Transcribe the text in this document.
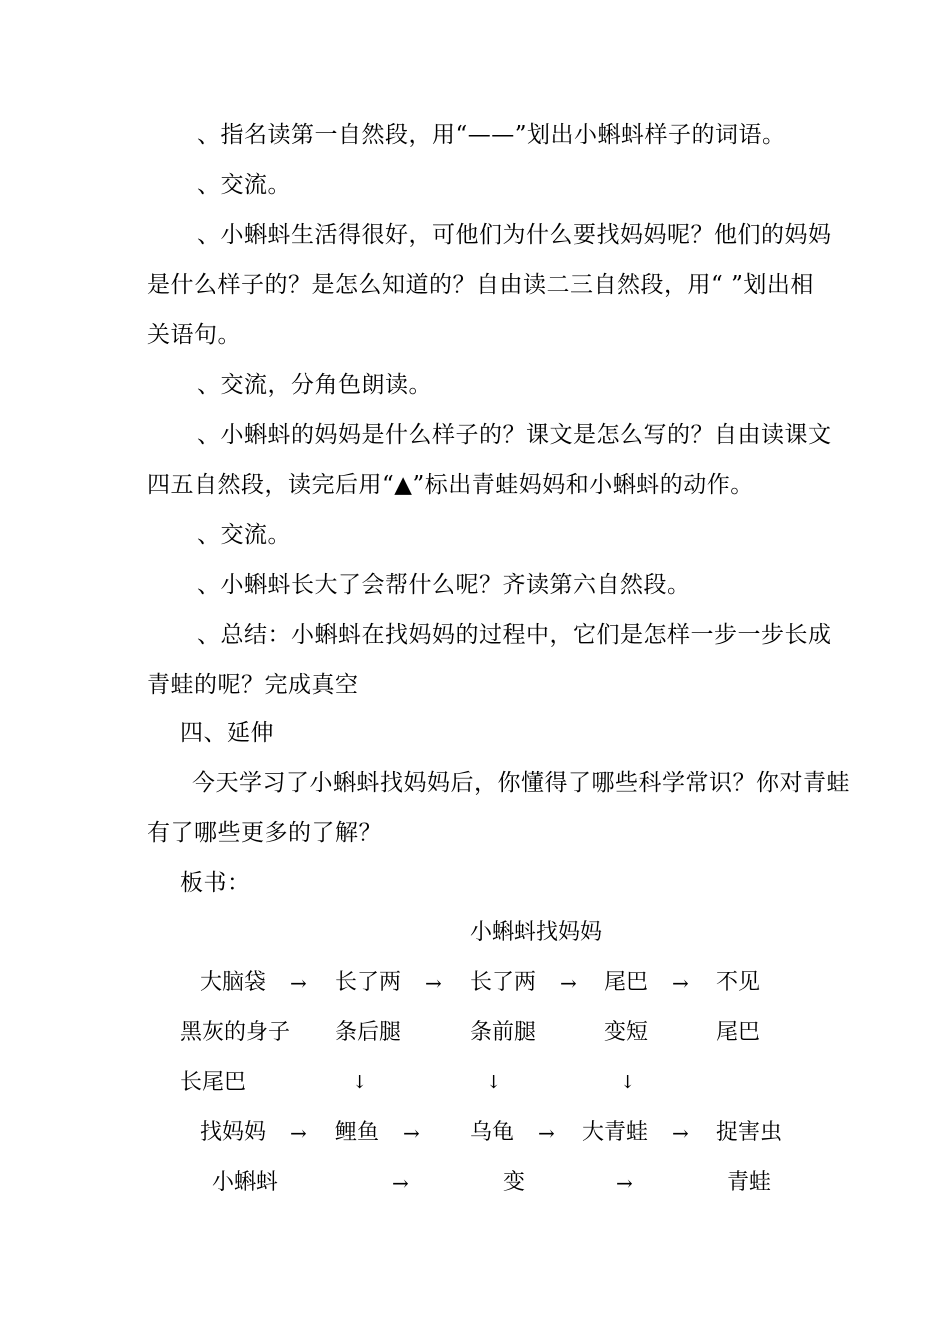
、指名读第一自然段，用“——”划出小蝌蚪样子的词语。
、交流。
、小蝌蚪生活得很好，可他们为什么要找妈妈呢？他们的妈妈
是什么样子的？是怎么知道的？自由读二三自然段，用“ ”划出相
关语句。
、交流，分角色朗读。
、小蝌蚪的妈妈是什么样子的？课文是怎么写的？自由读课文
四五自然段，读完后用“▲”标出青蛙妈妈和小蝌蚪的动作。
、交流。
、小蝌蚪长大了会帮什么呢？齐读第六自然段。
、总结：小蝌蚪在找妈妈的过程中，它们是怎样一步一步长成
青蛙的呢？完成真空
四、延伸
今天学习了小蝌蚪找妈妈后，你懂得了哪些科学常识？你对青蛙
有了哪些更多的了解？
板书：
小蝌蚪找妈妈
大脑袋 → 长了两 → 长了两 → 尾巴 → 不见
黑灰的身子 条后腿	条前腿	变短	尾巴
长尾巴	↓	↓	↓
找妈妈 → 鲤鱼 → 乌龟 → 大青蛙 → 捉害虫
小蝌蚪	→	变	→	青蛙
